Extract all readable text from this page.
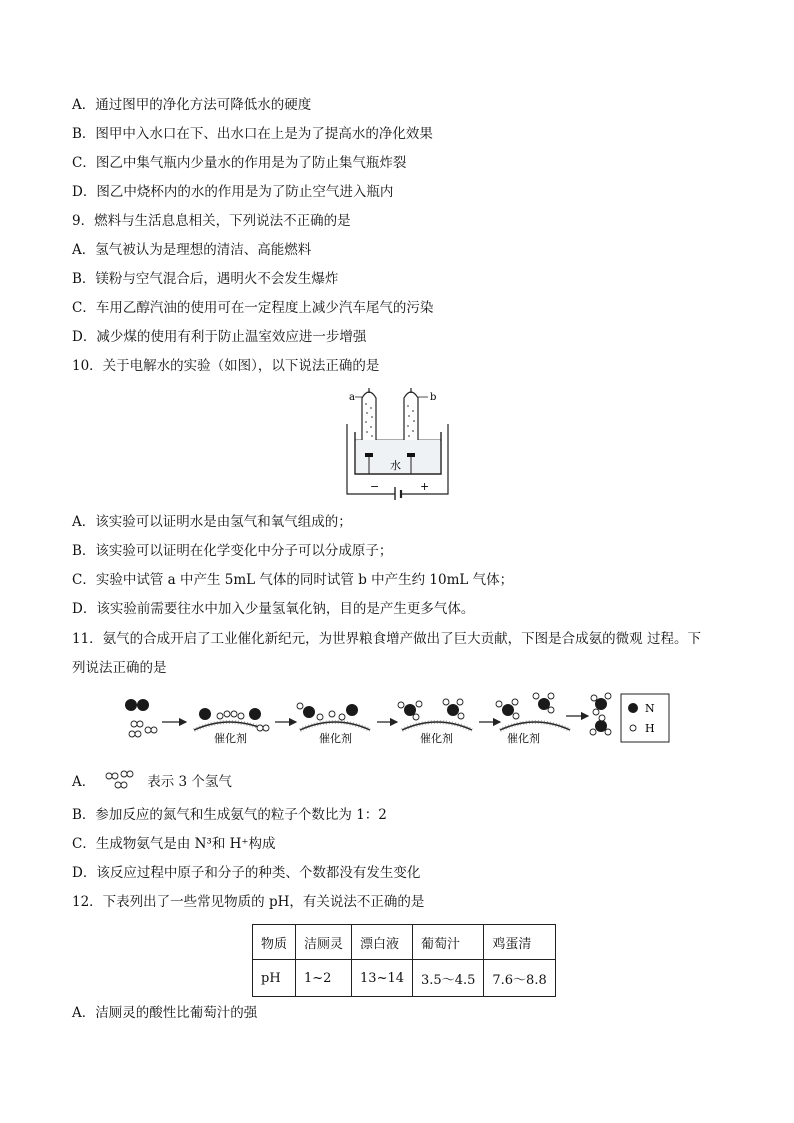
A．通过图甲的净化方法可降低水的硬度
B．图甲中入水口在下、出水口在上是为了提高水的净化效果
C．图乙中集气瓶内少量水的作用是为了防止集气瓶炸裂
D．图乙中烧杯内的水的作用是为了防止空气进入瓶内
9．燃料与生活息息相关，下列说法不正确的是
A．氢气被认为是理想的清洁、高能燃料
B．镁粉与空气混合后，遇明火不会发生爆炸
C．车用乙醇汽油的使用可在一定程度上减少汽车尾气的污染
D．减少煤的使用有利于防止温室效应进一步增强
10．关于电解水的实验（如图），以下说法正确的是
a	b
水
−	+
A．该实验可以证明水是由氢气和氧气组成的；
B．该实验可以证明在化学变化中分子可以分成原子；
C．实验中试管 a 中产生 5mL 气体的同时试管 b 中产生约 10mL 气体；
D．该实验前需要往水中加入少量氢氧化钠，目的是产生更多气体。
11．氨气的合成开启了工业催化新纪元，为世界粮食增产做出了巨大贡献，下图是合成氨的微观 过程。下
列说法正确的是
催化剂	催化剂	催化剂	催化剂
N
H
A．	表示 3 个氢气
B．参加反应的氮气和生成氨气的粒子个数比为 1：2
C．生成物氨气是由 N³和 H⁺构成
D．该反应过程中原子和分子的种类、个数都没有发生变化
12．下表列出了一些常见物质的 pH，有关说法不正确的是
物质	洁厕灵	漂白液	葡萄汁	鸡蛋清
pH	1~2	13~14	3.5～4.5	7.6～8.8
A．洁厕灵的酸性比葡萄汁的强
